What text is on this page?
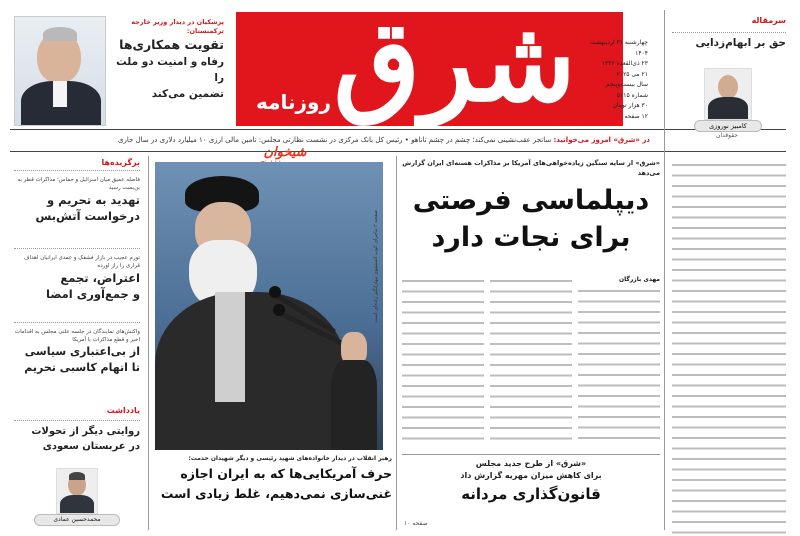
شرق
روزنامه
چهارشنبه ۳۱ اردیبهشت ۱۴۰۴
۲۳ ذی‌القعده ۱۴۴۶
۲۱ می ۲۰۲۵
سال بیست‌وپنجم
شماره ۵۱۱۵
۳۰ هزار تومان
۱۲ صفحه
پزشکیان در دیدار وزیر خارجه ترکمنستان:
تقویت همکاری‌ها
رفاه و امنیت دو ملت را
تضمین می‌کند
در «شرق» امروز می‌خوانید: ساتجر عقب‌نشینی نمی‌کند؛ چشم در چشم تاناهو • رئیس کل بانک مرکزی در نشست نظارتی مجلس: تامین مالی ارزی ۱۰ میلیارد دلاری در سال جاری
شیخوان
سرمقاله
حق بر ابهام‌زدایی
کامبیز نوروزی
حقوقدان
برگزیده‌ها
فاصله عمیق میان اسرائیل و حماس؛ مذاکرات قطر به بن‌بست رسید
تهدید به تحریم و
درخواست آتش‌بس
تورم عجیب در بازار فشفک و عمدی ایرانیان اهداف قراری را راز اورده
اعتراض، تجمع
و جمع‌آوری امضا
واکنش‌های نمایندگان در جلسه علنی مجلس به اقدامات اخیر و قطع مذاکرات با آمریکا
از بی‌اعتباری سیاسی
تا اتهام کاسبی تحریم
یادداشت
روایتی دیگر از تحولات
در عربستان سعودی
محمدحسین عمادی
صفحه ۲ ماجرای کوب انستیتوی مهارانگیز زاده‌ای است
رهبر انقلاب در دیدار خانواده‌های شهید رئیسی و دیگر شهیدان خدمت:
حرف آمریکایی‌ها که به ایران اجازه
غنی‌سازی نمی‌دهیم، غلط زیادی است
«شرق» از سایه سنگین زیاده‌خواهی‌های آمریکا بر مذاکرات هسته‌ای ایران گزارش می‌دهد
دیپلماسی فرصتی
برای نجات دارد
مهدی بازرگان
«شرق» از طرح جدید مجلس
برای کاهش میزان مهریه گزارش داد
قانون‌گذاری مردانه
صفحه ۱۰
